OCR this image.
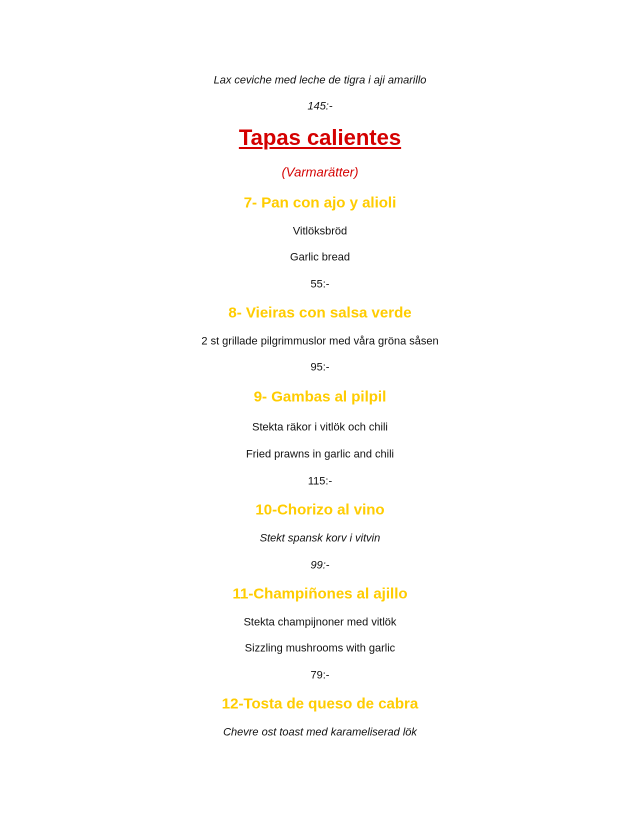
Lax ceviche med leche de tigra i aji amarillo
145:-
Tapas calientes
(Varmarätter)
7- Pan con ajo y alioli
Vitlöksbröd
Garlic bread
55:-
8- Vieiras con salsa verde
2 st grillade pilgrimmuslor med våra gröna såsen
95:-
9- Gambas al pilpil
Stekta räkor i vitlök och chili
Fried prawns in garlic and chili
115:-
10-Chorizo al vino
Stekt spansk korv i vitvin
99:-
11-Champiñones al ajillo
Stekta champijnoner med vitlök
Sizzling mushrooms with garlic
79:-
12-Tosta de queso de cabra
Chevre ost toast med karameliserad lök
